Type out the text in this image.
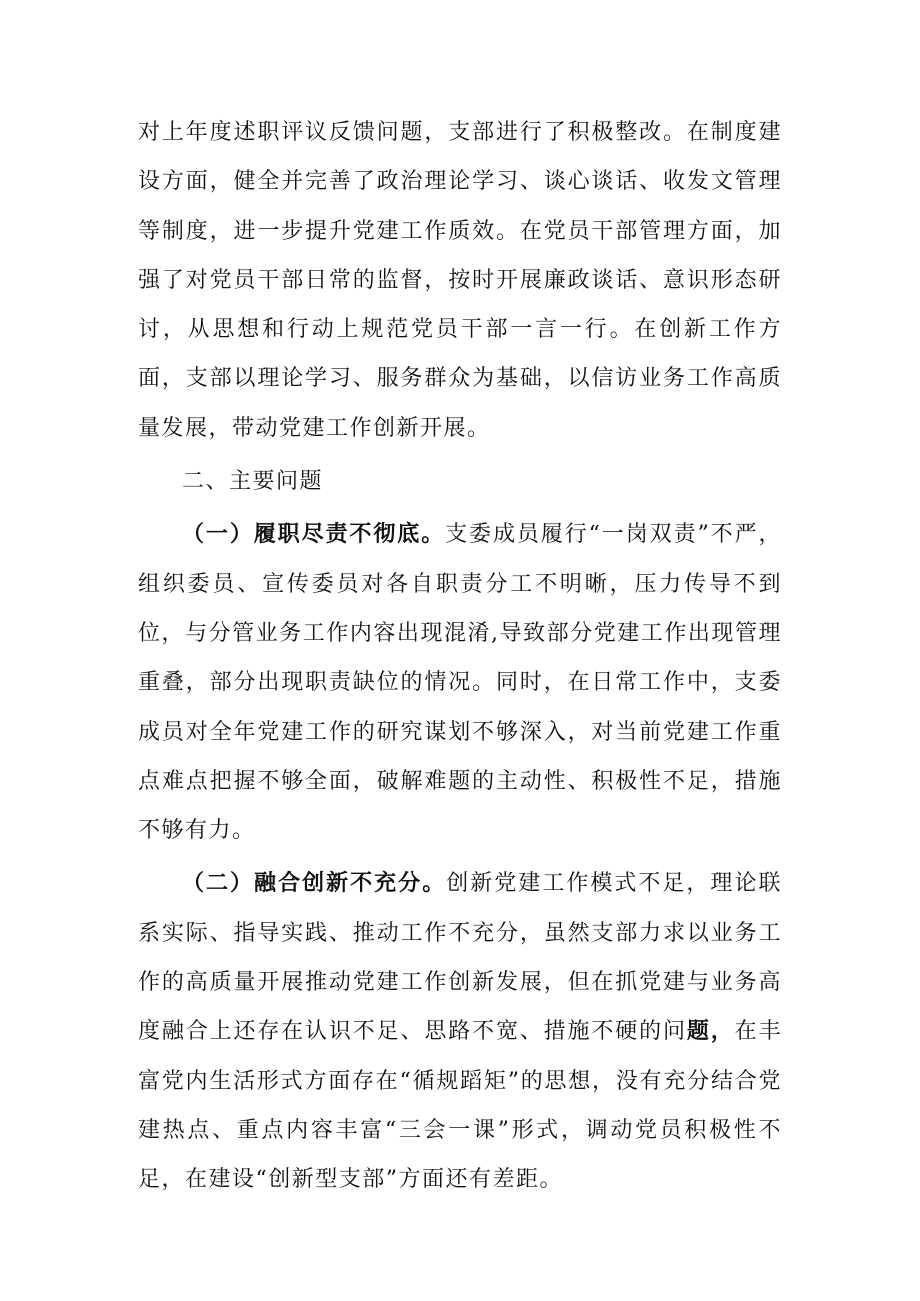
对上年度述职评议反馈问题，支部进行了积极整改。在制度建设方面，健全并完善了政治理论学习、谈心谈话、收发文管理等制度，进一步提升党建工作质效。在党员干部管理方面，加强了对党员干部日常的监督，按时开展廉政谈话、意识形态研讨，从思想和行动上规范党员干部一言一行。在创新工作方面，支部以理论学习、服务群众为基础，以信访业务工作高质量发展，带动党建工作创新开展。

二、主要问题

（一）履职尽责不彻底。支委成员履行“一岗双责”不严，组织委员、宣传委员对各自职责分工不明晰，压力传导不到位，与分管业务工作内容出现混淆,导致部分党建工作出现管理重叠，部分出现职责缺位的情况。同时，在日常工作中，支委成员对全年党建工作的研究谋划不够深入，对当前党建工作重点难点把握不够全面，破解难题的主动性、积极性不足，措施不够有力。

（二）融合创新不充分。创新党建工作模式不足，理论联系实际、指导实践、推动工作不充分，虽然支部力求以业务工作的高质量开展推动党建工作创新发展，但在抓党建与业务高度融合上还存在认识不足、思路不宽、措施不硬的问题，在丰富党内生活形式方面存在“循规蹈矩”的思想，没有充分结合党建热点、重点内容丰富“三会一课”形式，调动党员积极性不足，在建设“创新型支部”方面还有差距。
